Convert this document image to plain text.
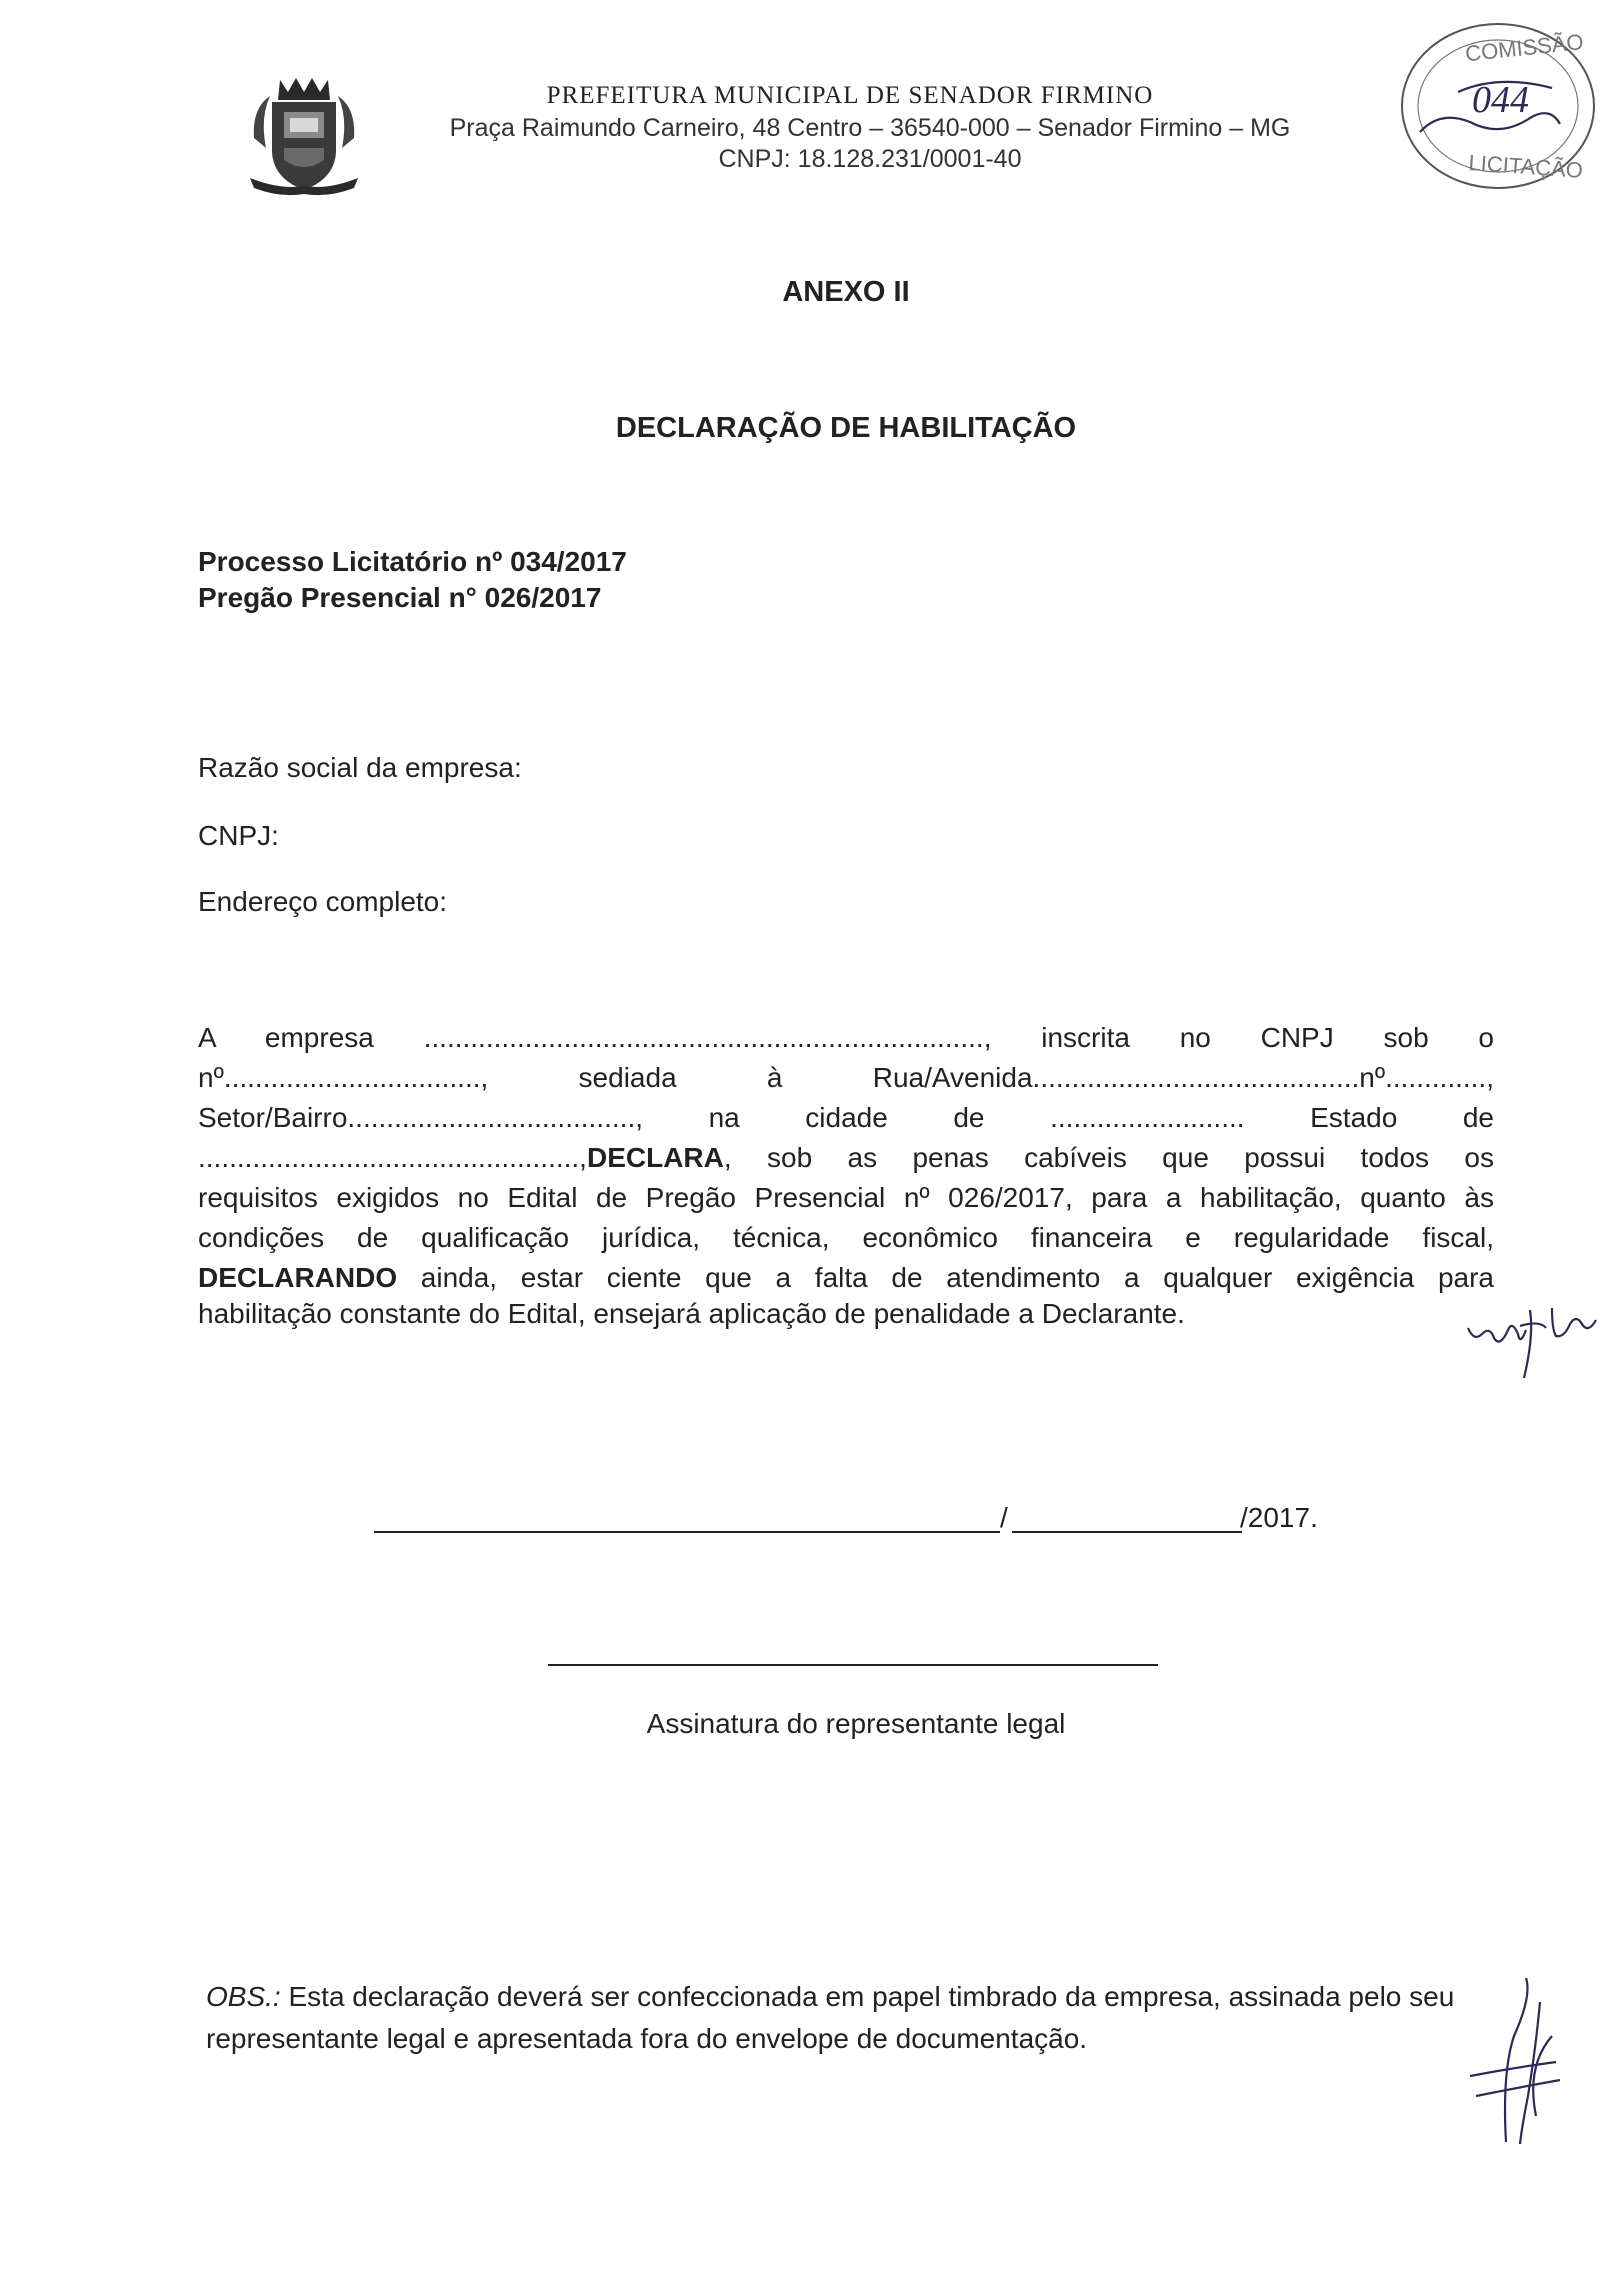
PREFEITURA MUNICIPAL DE SENADOR FIRMINO
Praça Raimundo Carneiro, 48 Centro – 36540-000 – Senador Firmino – MG
CNPJ: 18.128.231/0001-40
COMISSÃO
044
LICITAÇÃO
ANEXO II
DECLARAÇÃO DE HABILITAÇÃO
Processo Licitatório nº 034/2017
Pregão Presencial n° 026/2017
Razão social da empresa:
CNPJ:
Endereço completo:
A empresa ........................................................................, inscrita no CNPJ sob o
nº................................., sediada à Rua/Avenida..........................................nº.............,
Setor/Bairro....................................., na cidade de ......................... Estado de
.................................................,DECLARA, sob as penas cabíveis que possui todos os
requisitos exigidos no Edital de Pregão Presencial nº 026/2017, para a habilitação, quanto às
condições de qualificação jurídica, técnica, econômico financeira e regularidade fiscal,
DECLARANDO ainda, estar ciente que a falta de atendimento a qualquer exigência para
habilitação constante do Edital, ensejará aplicação de penalidade a Declarante.
/	/2017.
Assinatura do representante legal
OBS.: Esta declaração deverá ser confeccionada em papel timbrado da empresa, assinada pelo seu representante legal e apresentada fora do envelope de documentação.
